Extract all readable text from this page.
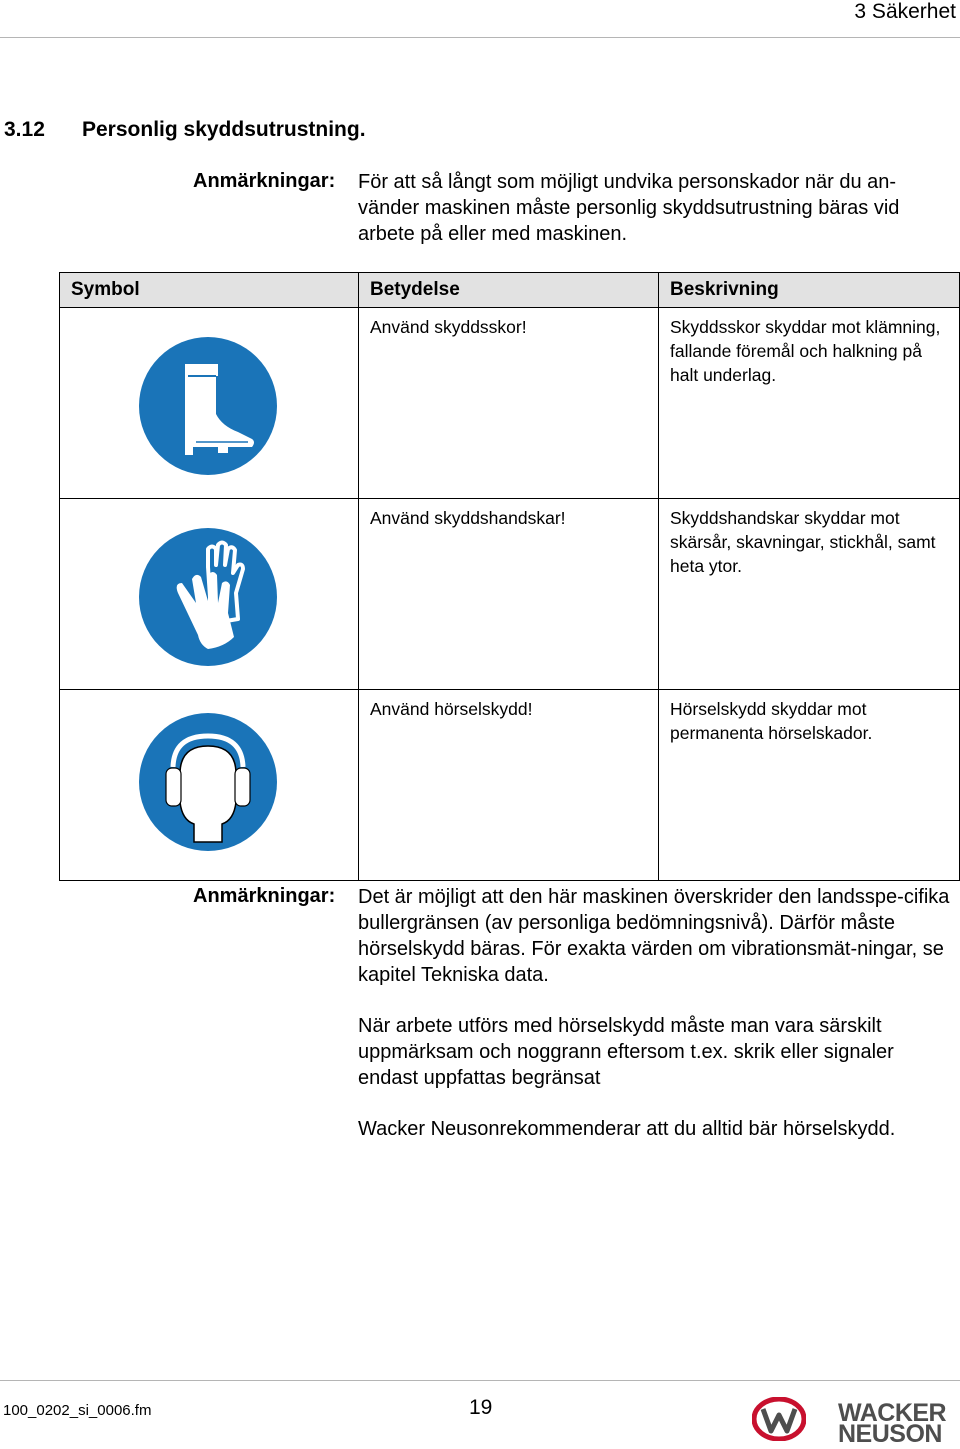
3 Säkerhet
3.12 Personlig skyddsutrustning.
Anmärkningar: För att så långt som möjligt undvika personskador när du an-vänder maskinen måste personlig skyddsutrustning bäras vid arbete på eller med maskinen.
Symbol	Betydelse	Beskrivning

	Använd skyddsskor!	Skyddsskor skyddar mot klämning, fallande föremål och halkning på halt underlag.

	Använd skyddshandskar!	Skyddshandskar skyddar mot skärsår, skavningar, stickhål, samt heta ytor.

	Använd hörselskydd!	Hörselskydd skyddar mot permanenta hörselskador.
Anmärkningar: Det är möjligt att den här maskinen överskrider den landsspe-cifika bullergränsen (av personliga bedömningsnivå). Därför måste hörselskydd bäras. För exakta värden om vibrationsmät-ningar, se kapitel Tekniska data.
När arbete utförs med hörselskydd måste man vara särskilt uppmärksam och noggrann eftersom t.ex. skrik eller signaler endast uppfattas begränsat
Wacker Neusonrekommenderar att du alltid bär hörselskydd.
100_0202_si_0006.fm	19	WACKER
NEUSON
